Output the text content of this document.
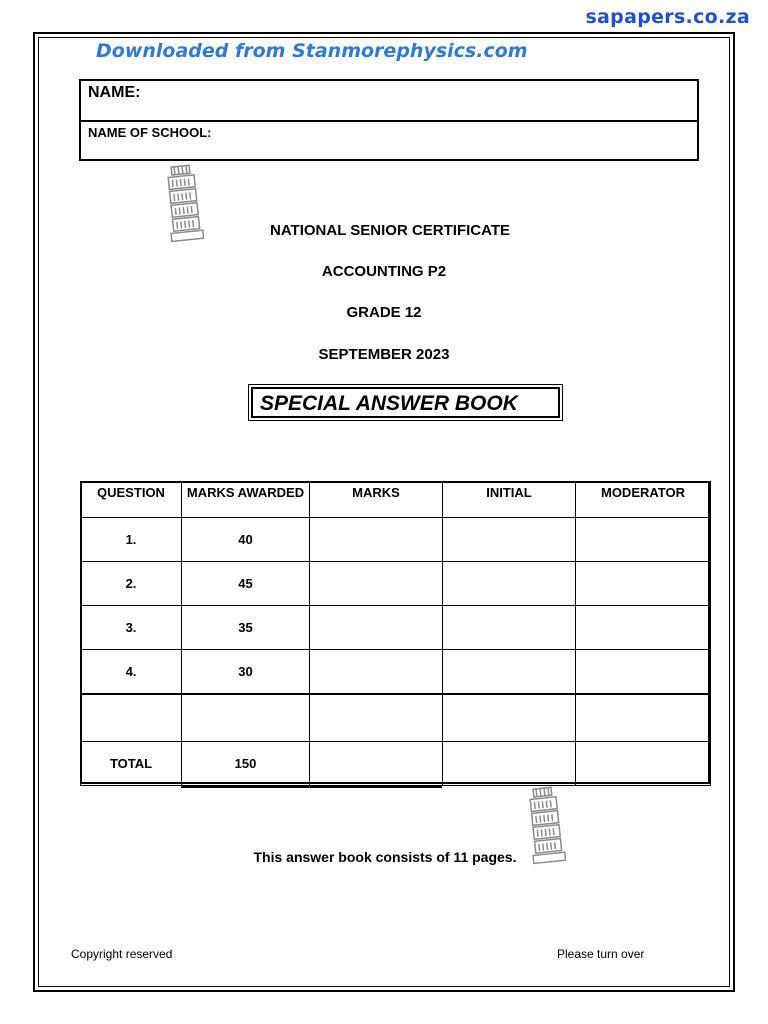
sapapers.co.za
Downloaded from Stanmorephysics.com
NAME:
NAME OF SCHOOL:
NATIONAL SENIOR CERTIFICATE
ACCOUNTING P2
GRADE 12
SEPTEMBER 2023
SPECIAL ANSWER BOOK
QUESTION	MARKS AWARDED	MARKS	INITIAL	MODERATOR
1.	40			
2.	45			
3.	35			
4.	30			

TOTAL	150			
This answer book consists of 11 pages.
Copyright reserved	Please turn over
